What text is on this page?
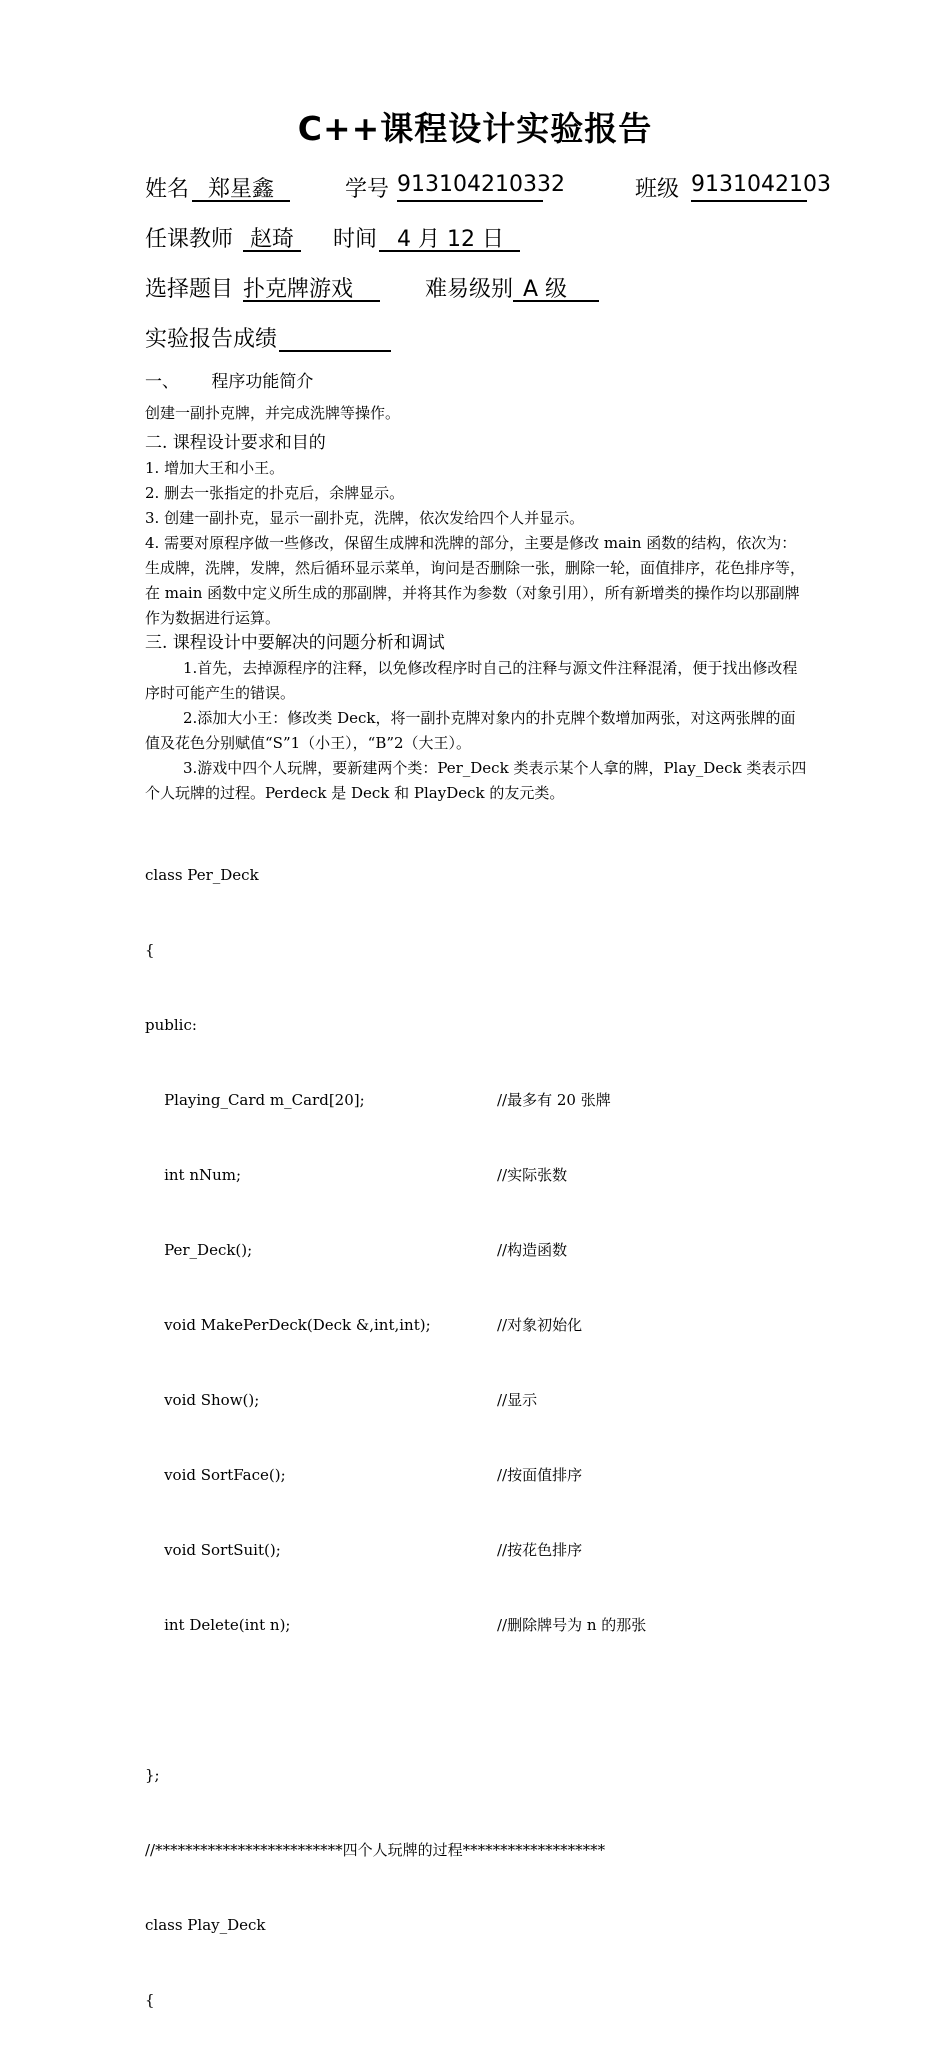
C++课程设计实验报告
姓名 郑星鑫	学号 913104210332	班级 9131042103
任课教师 赵琦	时间 4 月 12 日
选择题目 扑克牌游戏	难易级别 A 级
实验报告成绩

一、      程序功能简介

创建一副扑克牌，并完成洗牌等操作。

二. 课程设计要求和目的

1. 增加大王和小王。

2. 删去一张指定的扑克后，余牌显示。

3. 创建一副扑克，显示一副扑克，洗牌，依次发给四个人并显示。

4. 需要对原程序做一些修改，保留生成牌和洗牌的部分，主要是修改 main 函数的结构，依次为：生成牌，洗牌，发牌，然后循环显示菜单，询问是否删除一张，删除一轮，面值排序，花色排序等，在 main 函数中定义所生成的那副牌，并将其作为参数（对象引用），所有新增类的操作均以那副牌作为数据进行运算。

三. 课程设计中要解决的问题分析和调试

1.首先，去掉源程序的注释，以免修改程序时自己的注释与源文件注释混淆，便于找出修改程序时可能产生的错误。

2.添加大小王：修改类 Deck，将一副扑克牌对象内的扑克牌个数增加两张，对这两张牌的面值及花色分别赋值“S”1（小王），“B”2（大王）。

3.游戏中四个人玩牌，要新建两个类：Per_Deck 类表示某个人拿的牌，Play_Deck 类表示四个人玩牌的过程。Perdeck 是 Deck 和 PlayDeck 的友元类。

class Per_Deck

{

public:

Playing_Card m_Card[20];	//最多有 20 张牌

int nNum;	//实际张数

Per_Deck();	//构造函数

void MakePerDeck(Deck &,int,int);	//对象初始化

void Show();	//显示

void SortFace();	//按面值排序

void SortSuit();	//按花色排序

int Delete(int n);	//删除牌号为 n 的那张

};

//*************************四个人玩牌的过程*******************

class Play_Deck

{
